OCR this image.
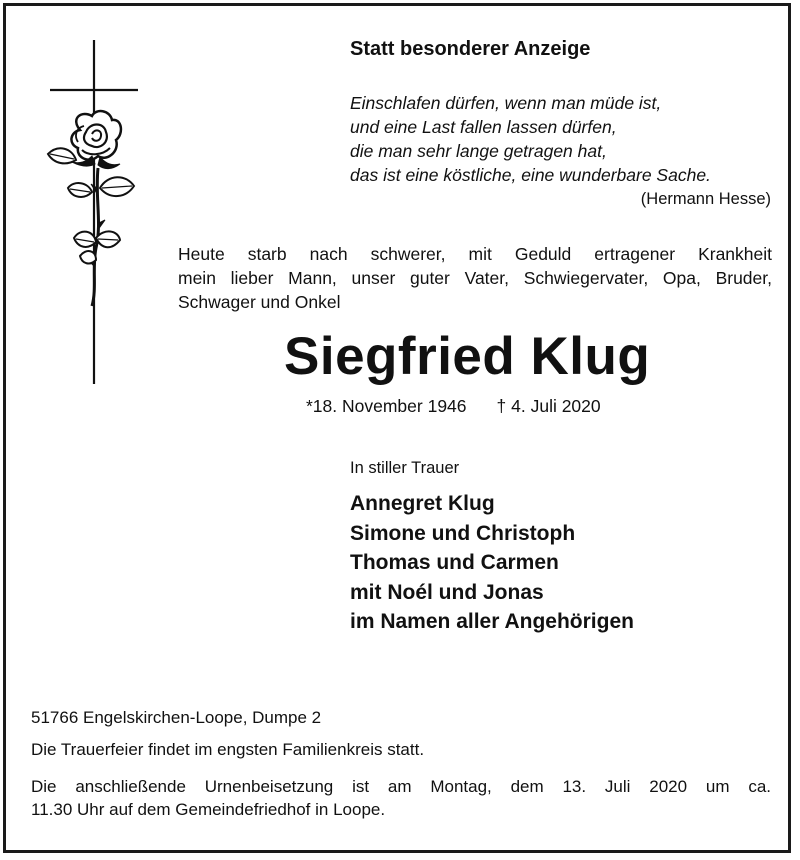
Statt besonderer Anzeige
Einschlafen dürfen, wenn man müde ist,
und eine Last fallen lassen dürfen,
die man sehr lange getragen hat,
das ist eine köstliche, eine wunderbare Sache.
(Hermann Hesse)
Heute starb nach schwerer, mit Geduld ertragener Krankheit
mein lieber Mann, unser guter Vater, Schwiegervater, Opa, Bruder,
Schwager und Onkel
Siegfried Klug
*18. November 1946 † 4. Juli 2020
In stiller Trauer
Annegret Klug
Simone und Christoph
Thomas und Carmen
mit Noél und Jonas
im Namen aller Angehörigen
51766 Engelskirchen-Loope, Dumpe 2
Die Trauerfeier findet im engsten Familienkreis statt.
Die anschließende Urnenbeisetzung ist am Montag, dem 13. Juli 2020 um ca.
11.30 Uhr auf dem Gemeindefriedhof in Loope.
